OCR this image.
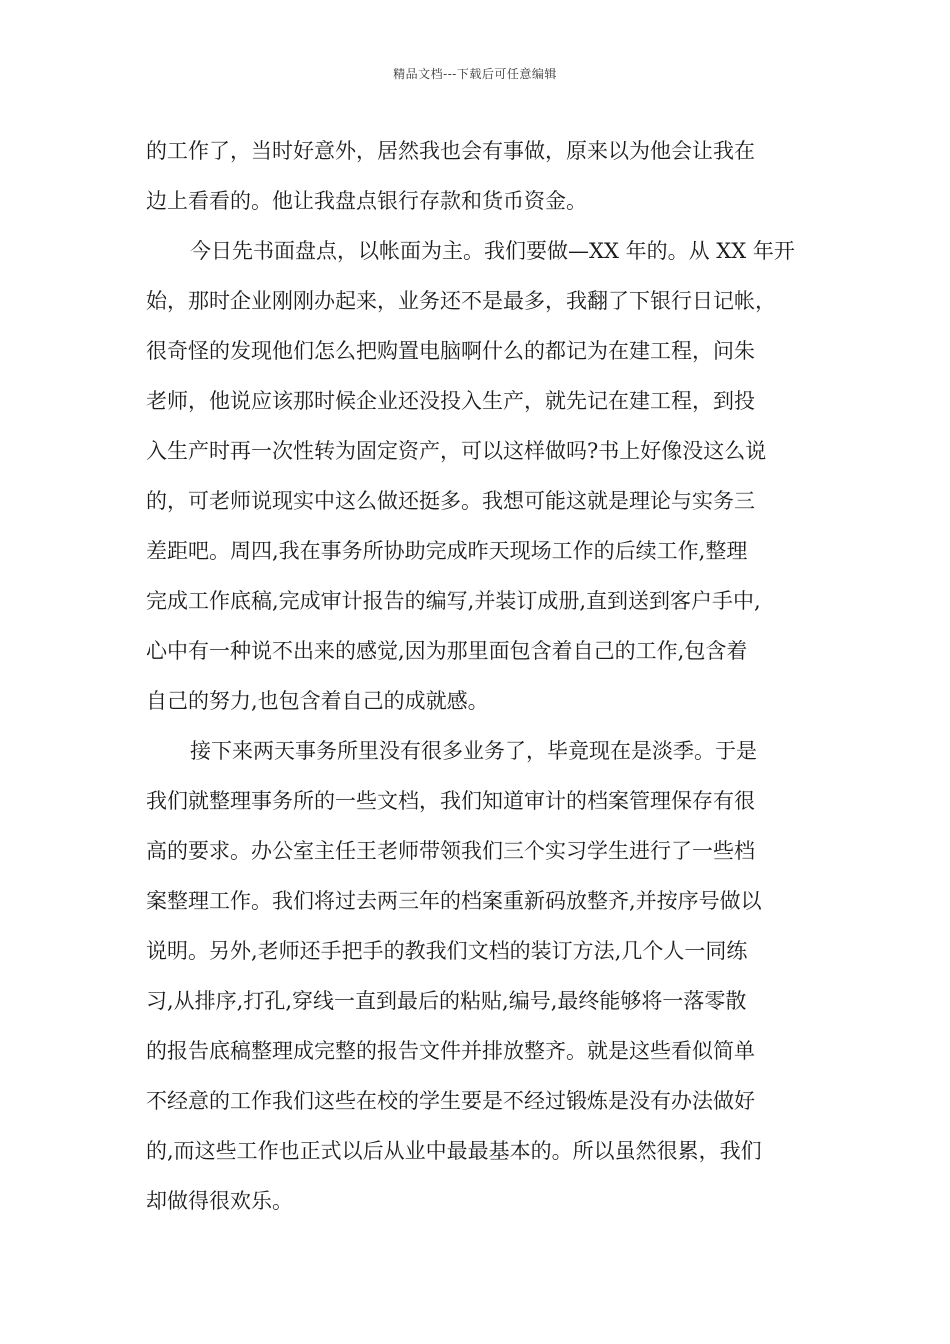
精品文档---下载后可任意编辑
的工作了，当时好意外，居然我也会有事做，原来以为他会让我在
边上看看的。他让我盘点银行存款和货币资金。
今日先书面盘点，以帐面为主。我们要做—XX 年的。从 XX 年开
始，那时企业刚刚办起来，业务还不是最多，我翻了下银行日记帐，
很奇怪的发现他们怎么把购置电脑啊什么的都记为在建工程，问朱
老师，他说应该那时候企业还没投入生产，就先记在建工程，到投
入生产时再一次性转为固定资产，可以这样做吗?书上好像没这么说
的，可老师说现实中这么做还挺多。我想可能这就是理论与实务三
差距吧。周四,我在事务所协助完成昨天现场工作的后续工作,整理
完成工作底稿,完成审计报告的编写,并装订成册,直到送到客户手中,
心中有一种说不出来的感觉,因为那里面包含着自己的工作,包含着
自己的努力,也包含着自己的成就感。
接下来两天事务所里没有很多业务了，毕竟现在是淡季。于是
我们就整理事务所的一些文档，我们知道审计的档案管理保存有很
高的要求。办公室主任王老师带领我们三个实习学生进行了一些档
案整理工作。我们将过去两三年的档案重新码放整齐,并按序号做以
说明。另外,老师还手把手的教我们文档的装订方法,几个人一同练
习,从排序,打孔,穿线一直到最后的粘贴,编号,最终能够将一落零散
的报告底稿整理成完整的报告文件并排放整齐。就是这些看似简单
不经意的工作我们这些在校的学生要是不经过锻炼是没有办法做好
的,而这些工作也正式以后从业中最最基本的。所以虽然很累，我们
却做得很欢乐。
